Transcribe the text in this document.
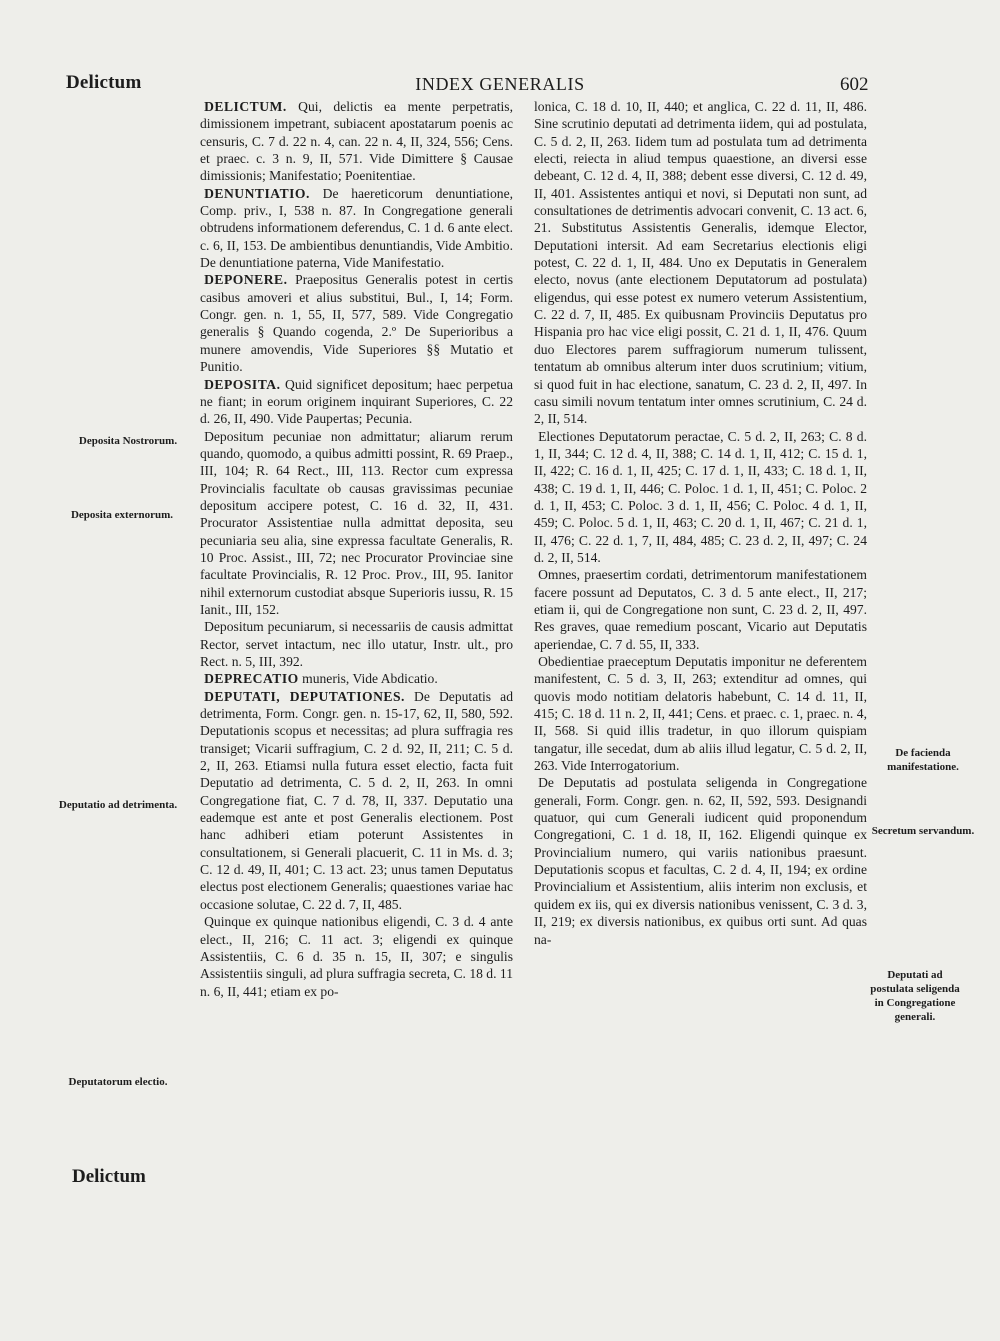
Delictum	INDEX GENERALIS	602
Deposita Nostrorum.
Deposita externorum.
Deputatio ad detrimenta.
Deputatorum electio.
De facienda manifestatione.
Secretum servandum.
Deputati ad postulata seligenda in Congregatione generali.

DELICTUM. Qui, delictis ea mente perpetratis, dimissionem impetrant, subiacent apostatarum poenis ac censuris, C. 7 d. 22 n. 4, can. 22 n. 4, II, 324, 556; Cens. et praec. c. 3 n. 9, II, 571. Vide Dimittere § Causae dimissionis; Manifestatio; Poenitentiae.

DENUNTIATIO. De haereticorum denuntiatione, Comp. priv., I, 538 n. 87. In Congregatione generali obtrudens informationem deferendus, C. 1 d. 6 ante elect. c. 6, II, 153. De ambientibus denuntiandis, Vide Ambitio. De denuntiatione paterna, Vide Manifestatio.

DEPONERE. Praepositus Generalis potest in certis casibus amoveri et alius substitui, Bul., I, 14; Form. Congr. gen. n. 1, 55, II, 577, 589. Vide Congregatio generalis § Quando cogenda, 2.º De Superioribus a munere amovendis, Vide Superiores §§ Mutatio et Punitio.

DEPOSITA. Quid significet depositum; haec perpetua ne fiant; in eorum originem inquirant Superiores, C. 22 d. 26, II, 490. Vide Paupertas; Pecunia.

Depositum pecuniae non admittatur; aliarum rerum quando, quomodo, a quibus admitti possint, R. 69 Praep., III, 104; R. 64 Rect., III, 113. Rector cum expressa Provincialis facultate ob causas gravissimas pecuniae depositum accipere potest, C. 16 d. 32, II, 431. Procurator Assistentiae nulla admittat deposita, seu pecuniaria seu alia, sine expressa facultate Generalis, R. 10 Proc. Assist., III, 72; nec Procurator Provinciae sine facultate Provincialis, R. 12 Proc. Prov., III, 95. Ianitor nihil externorum custodiat absque Superioris iussu, R. 15 Ianit., III, 152.

Depositum pecuniarum, si necessariis de causis admittat Rector, servet intactum, nec illo utatur, Instr. ult., pro Rect. n. 5, III, 392.

DEPRECATIO muneris, Vide Abdicatio.

DEPUTATI, DEPUTATIONES. De Deputatis ad detrimenta, Form. Congr. gen. n. 15-17, 62, II, 580, 592. Deputationis scopus et necessitas; ad plura suffragia res transiget; Vicarii suffragium, C. 2 d. 92, II, 211; C. 5 d. 2, II, 263. Etiamsi nulla futura esset electio, facta fuit Deputatio ad detrimenta, C. 5 d. 2, II, 263. In omni Congregatione fiat, C. 7 d. 78, II, 337. Deputatio una eademque est ante et post Generalis electionem. Post hanc adhiberi etiam poterunt Assistentes in consultationem, si Generali placuerit, C. 11 in Ms. d. 3; C. 12 d. 49, II, 401; C. 13 act. 23; unus tamen Deputatus electus post electionem Generalis; quaestiones variae hac occasione solutae, C. 22 d. 7, II, 485.

Quinque ex quinque nationibus eligendi, C. 3 d. 4 ante elect., II, 216; C. 11 act. 3; eligendi ex quinque Assistentiis, C. 6 d. 35 n. 15, II, 307; e singulis Assistentiis singuli, ad plura suffragia secreta, C. 18 d. 11 n. 6, II, 441; etiam ex po-

lonica, C. 18 d. 10, II, 440; et anglica, C. 22 d. 11, II, 486. Sine scrutinio deputati ad detrimenta iidem, qui ad postulata, C. 5 d. 2, II, 263. Iidem tum ad postulata tum ad detrimenta electi, reiecta in aliud tempus quaestione, an diversi esse debeant, C. 12 d. 4, II, 388; debent esse diversi, C. 12 d. 49, II, 401. Assistentes antiqui et novi, si Deputati non sunt, ad consultationes de detrimentis advocari convenit, C. 13 act. 6, 21. Substitutus Assistentis Generalis, idemque Elector, Deputationi intersit. Ad eam Secretarius electionis eligi potest, C. 22 d. 1, II, 484. Uno ex Deputatis in Generalem electo, novus (ante electionem Deputatorum ad postulata) eligendus, qui esse potest ex numero veterum Assistentium, C. 22 d. 7, II, 485. Ex quibusnam Provinciis Deputatus pro Hispania pro hac vice eligi possit, C. 21 d. 1, II, 476. Quum duo Electores parem suffragiorum numerum tulissent, tentatum ab omnibus alterum inter duos scrutinium; vitium, si quod fuit in hac electione, sanatum, C. 23 d. 2, II, 497. In casu simili novum tentatum inter omnes scrutinium, C. 24 d. 2, II, 514.

Electiones Deputatorum peractae, C. 5 d. 2, II, 263; C. 8 d. 1, II, 344; C. 12 d. 4, II, 388; C. 14 d. 1, II, 412; C. 15 d. 1, II, 422; C. 16 d. 1, II, 425; C. 17 d. 1, II, 433; C. 18 d. 1, II, 438; C. 19 d. 1, II, 446; C. Poloc. 1 d. 1, II, 451; C. Poloc. 2 d. 1, II, 453; C. Poloc. 3 d. 1, II, 456; C. Poloc. 4 d. 1, II, 459; C. Poloc. 5 d. 1, II, 463; C. 20 d. 1, II, 467; C. 21 d. 1, II, 476; C. 22 d. 1, 7, II, 484, 485; C. 23 d. 2, II, 497; C. 24 d. 2, II, 514.

Omnes, praesertim cordati, detrimentorum manifestationem facere possunt ad Deputatos, C. 3 d. 5 ante elect., II, 217; etiam ii, qui de Congregatione non sunt, C. 23 d. 2, II, 497. Res graves, quae remedium poscant, Vicario aut Deputatis aperiendae, C. 7 d. 55, II, 333.

Obedientiae praeceptum Deputatis imponitur ne deferentem manifestent, C. 5 d. 3, II, 263; extenditur ad omnes, qui quovis modo notitiam delatoris habebunt, C. 14 d. 11, II, 415; C. 18 d. 11 n. 2, II, 441; Cens. et praec. c. 1, praec. n. 4, II, 568. Si quid illis tradetur, in quo illorum quispiam tangatur, ille secedat, dum ab aliis illud legatur, C. 5 d. 2, II, 263. Vide Interrogatorium.

De Deputatis ad postulata seligenda in Congregatione generali, Form. Congr. gen. n. 62, II, 592, 593. Designandi quatuor, qui cum Generali iudicent quid proponendum Congregationi, C. 1 d. 18, II, 162. Eligendi quinque ex Provincialium numero, qui variis nationibus praesunt. Deputationis scopus et facultas, C. 2 d. 4, II, 194; ex ordine Provincialium et Assistentium, aliis interim non exclusis, et quidem ex iis, qui ex diversis nationibus venissent, C. 3 d. 3, II, 219; ex diversis nationibus, ex quibus orti sunt. Ad quas na-

Delictum
